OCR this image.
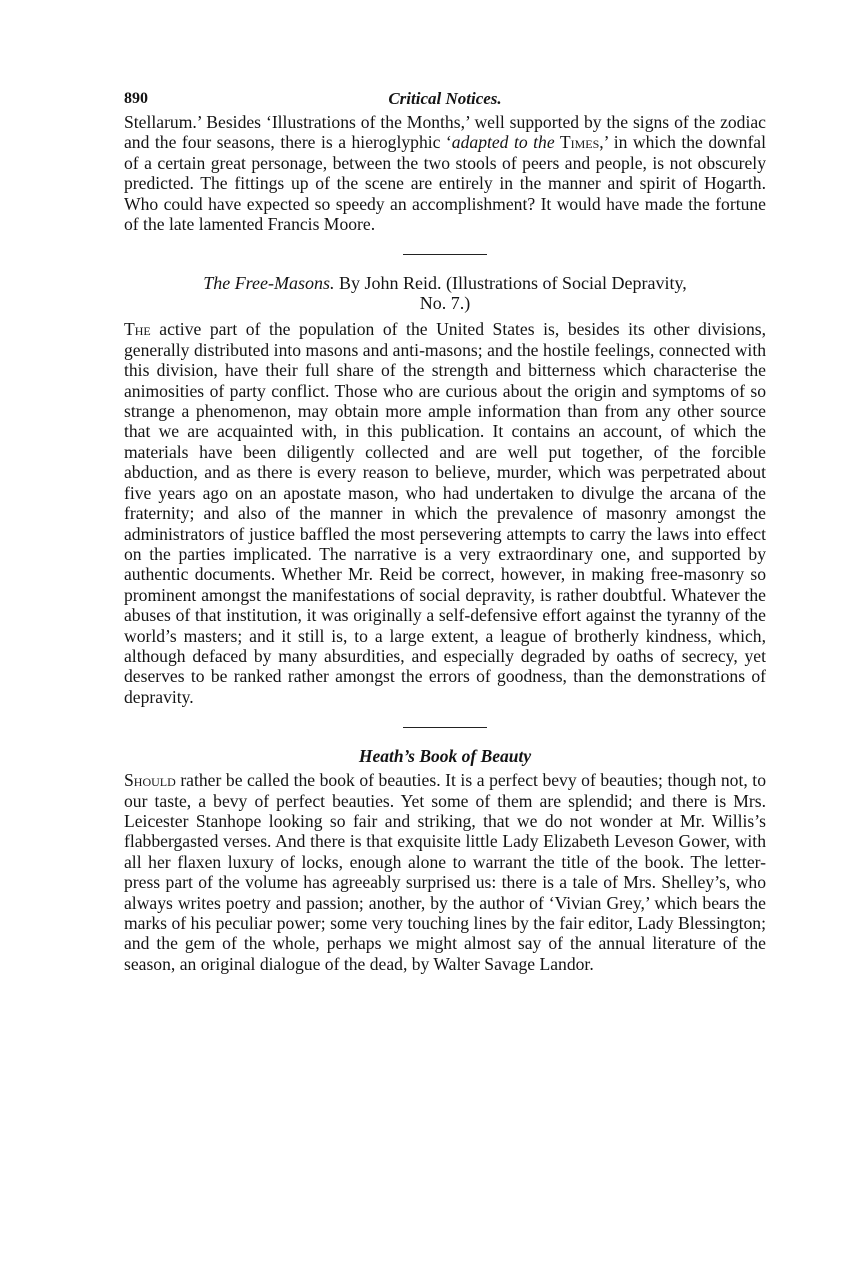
890	Critical Notices.

Stellarum.’ Besides ‘Illustrations of the Months,’ well supported by the signs of the zodiac and the four seasons, there is a hieroglyphic ‘adapted to the Times,’ in which the downfal of a certain great personage, between the two stools of peers and people, is not obscurely predicted. The fittings up of the scene are entirely in the manner and spirit of Hogarth. Who could have expected so speedy an accomplishment? It would have made the fortune of the late lamented Francis Moore.

The Free-Masons. By John Reid. (Illustrations of Social Depravity,
No. 7.)

The active part of the population of the United States is, besides its other divisions, generally distributed into masons and anti-masons; and the hostile feelings, connected with this division, have their full share of the strength and bitterness which characterise the animosities of party conflict. Those who are curious about the origin and symptoms of so strange a phenomenon, may obtain more ample information than from any other source that we are acquainted with, in this publication. It contains an account, of which the materials have been diligently collected and are well put together, of the forcible abduction, and as there is every reason to believe, murder, which was perpetrated about five years ago on an apostate mason, who had undertaken to divulge the arcana of the fraternity; and also of the manner in which the prevalence of masonry amongst the administrators of justice baffled the most persevering attempts to carry the laws into effect on the parties implicated. The narrative is a very extraordinary one, and supported by authentic documents. Whether Mr. Reid be correct, however, in making free-masonry so prominent amongst the manifestations of social depravity, is rather doubtful. Whatever the abuses of that institution, it was originally a self-defensive effort against the tyranny of the world’s masters; and it still is, to a large extent, a league of brotherly kindness, which, although defaced by many absurdities, and especially degraded by oaths of secrecy, yet deserves to be ranked rather amongst the errors of goodness, than the demonstrations of depravity.

Heath’s Book of Beauty

Should rather be called the book of beauties. It is a perfect bevy of beauties; though not, to our taste, a bevy of perfect beauties. Yet some of them are splendid; and there is Mrs. Leicester Stanhope looking so fair and striking, that we do not wonder at Mr. Willis’s flabbergasted verses. And there is that exquisite little Lady Elizabeth Leveson Gower, with all her flaxen luxury of locks, enough alone to warrant the title of the book. The letter-press part of the volume has agreeably surprised us: there is a tale of Mrs. Shelley’s, who always writes poetry and passion; another, by the author of ‘Vivian Grey,’ which bears the marks of his peculiar power; some very touching lines by the fair editor, Lady Blessington; and the gem of the whole, perhaps we might almost say of the annual literature of the season, an original dialogue of the dead, by Walter Savage Landor.
